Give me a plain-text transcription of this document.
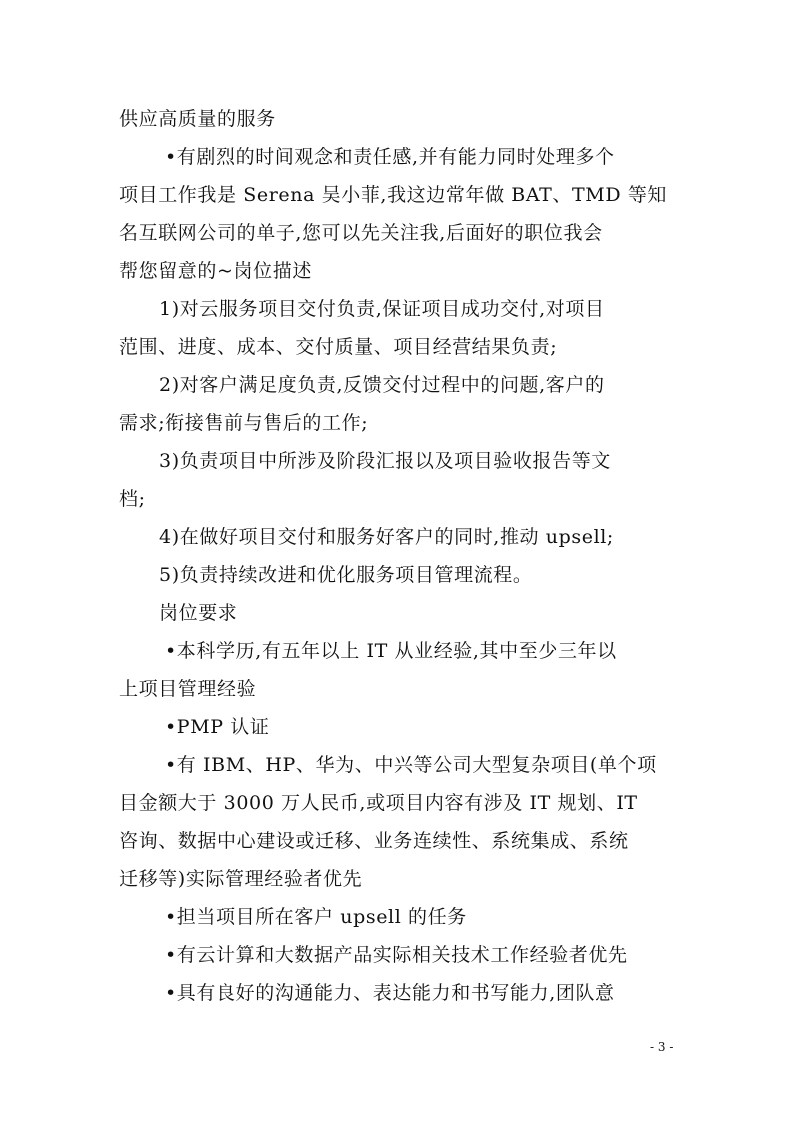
供应高质量的服务
•有剧烈的时间观念和责任感,并有能力同时处理多个
项目工作我是 Serena 吴小菲,我这边常年做 BAT、TMD 等知
名互联网公司的单子,您可以先关注我,后面好的职位我会
帮您留意的~岗位描述
1)对云服务项目交付负责,保证项目成功交付,对项目
范围、进度、成本、交付质量、项目经营结果负责;
2)对客户满足度负责,反馈交付过程中的问题,客户的
需求;衔接售前与售后的工作;
3)负责项目中所涉及阶段汇报以及项目验收报告等文
档;
4)在做好项目交付和服务好客户的同时,推动 upsell;
5)负责持续改进和优化服务项目管理流程。
岗位要求
•本科学历,有五年以上 IT 从业经验,其中至少三年以
上项目管理经验
•PMP 认证
•有 IBM、HP、华为、中兴等公司大型复杂项目(单个项
目金额大于 3000 万人民币,或项目内容有涉及 IT 规划、IT
咨询、数据中心建设或迁移、业务连续性、系统集成、系统
迁移等)实际管理经验者优先
•担当项目所在客户 upsell 的任务
•有云计算和大数据产品实际相关技术工作经验者优先
•具有良好的沟通能力、表达能力和书写能力,团队意
- 3 -
